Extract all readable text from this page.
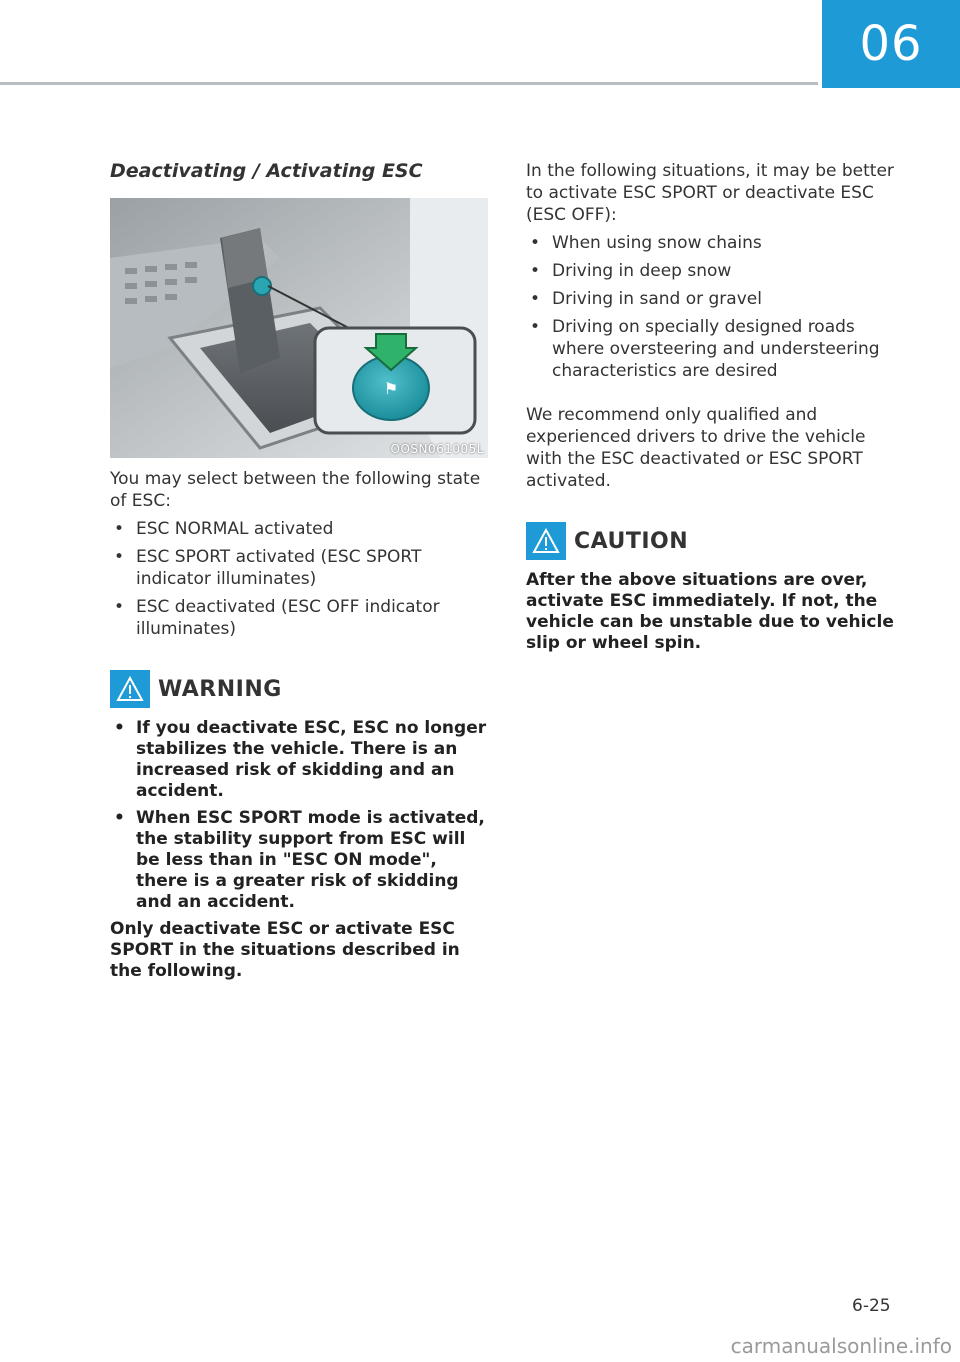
06
Deactivating / Activating ESC
⚑
OOSN061005L

You may select between the following state of ESC:

• ESC NORMAL activated
• ESC SPORT activated (ESC SPORT indicator illuminates)
• ESC deactivated (ESC OFF indicator illuminates)
WARNING
• If you deactivate ESC, ESC no longer stabilizes the vehicle. There is an increased risk of skidding and an accident.
• When ESC SPORT mode is activated, the stability support from ESC will be less than in "ESC ON mode", there is a greater risk of skidding and an accident.

Only deactivate ESC or activate ESC SPORT in the situations described in the following.

In the following situations, it may be better to activate ESC SPORT or deactivate ESC (ESC OFF):

• When using snow chains
• Driving in deep snow
• Driving in sand or gravel
• Driving on specially designed roads where oversteering and understeering characteristics are desired

We recommend only qualified and experienced drivers to drive the vehicle with the ESC deactivated or ESC SPORT activated.

CAUTION

After the above situations are over, activate ESC immediately. If not, the vehicle can be unstable due to vehicle slip or wheel spin.

6-25
carmanualsonline.info
